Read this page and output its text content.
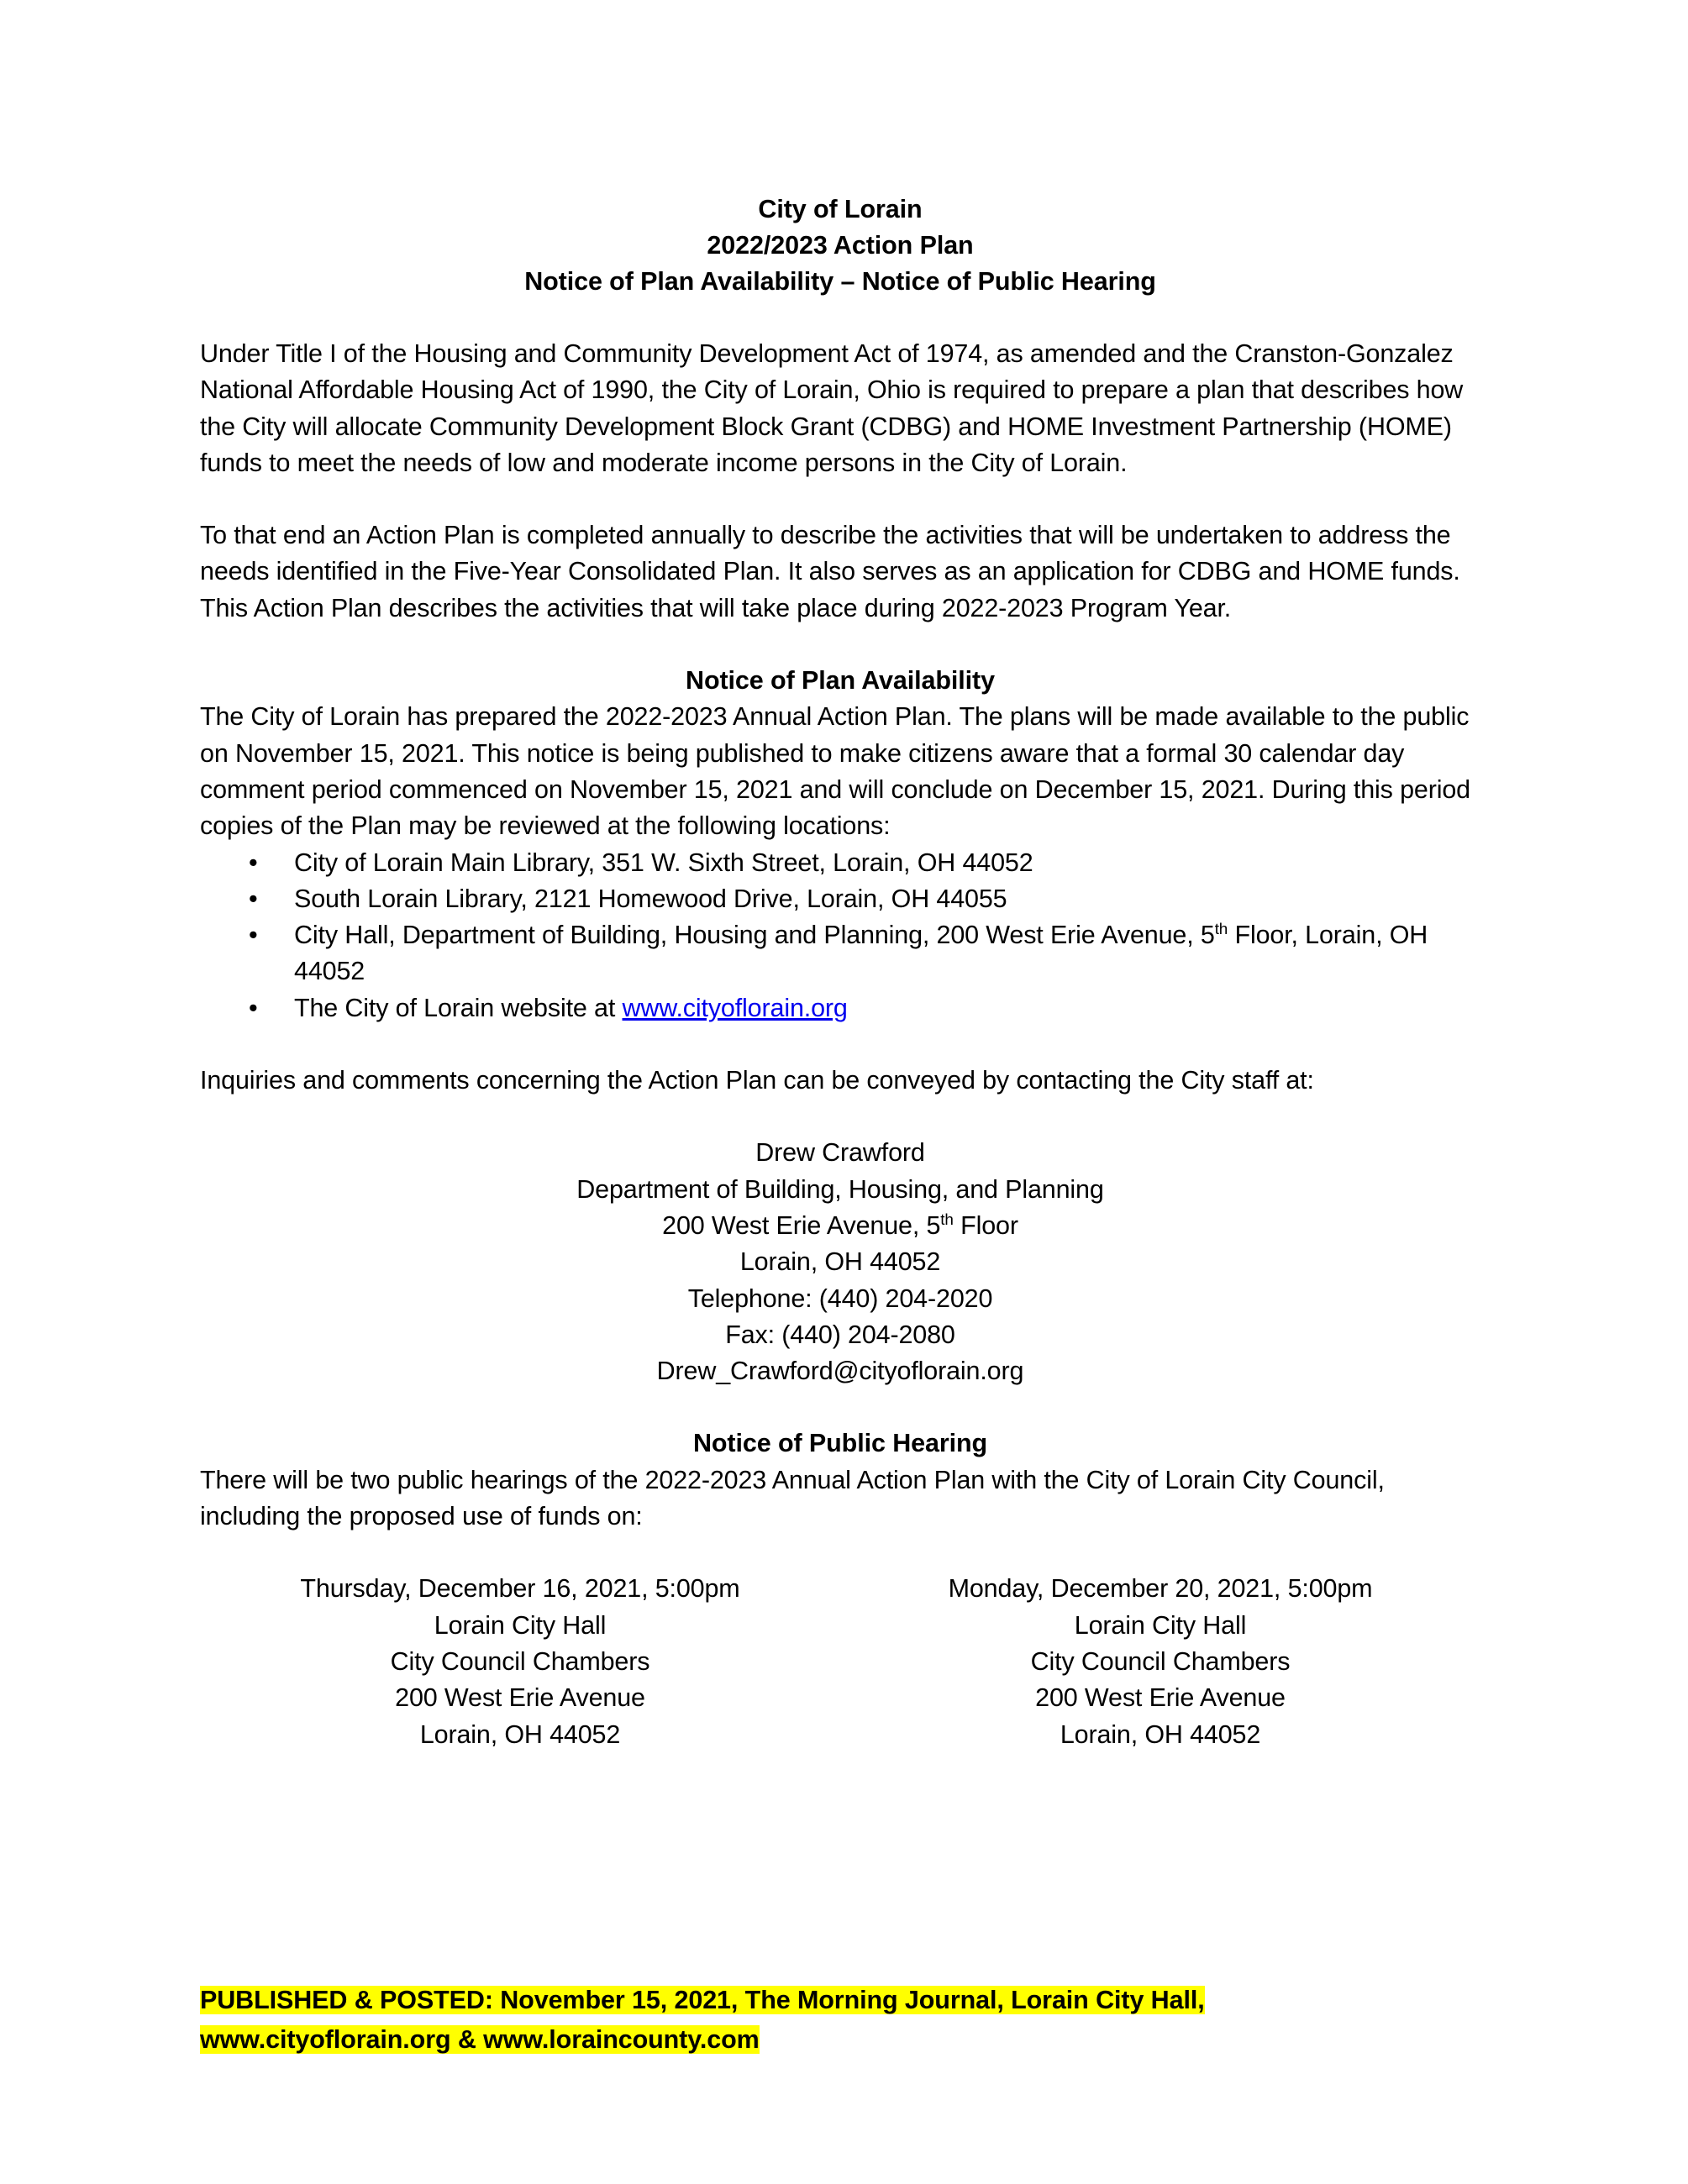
City of Lorain
2022/2023 Action Plan
Notice of Plan Availability – Notice of Public Hearing

Under Title I of the Housing and Community Development Act of 1974, as amended and the Cranston-Gonzalez National Affordable Housing Act of 1990, the City of Lorain, Ohio is required to prepare a plan that describes how the City will allocate Community Development Block Grant (CDBG) and HOME Investment Partnership (HOME) funds to meet the needs of low and moderate income persons in the City of Lorain.

To that end an Action Plan is completed annually to describe the activities that will be undertaken to address the needs identified in the Five-Year Consolidated Plan. It also serves as an application for CDBG and HOME funds. This Action Plan describes the activities that will take place during 2022-2023 Program Year.

Notice of Plan Availability

The City of Lorain has prepared the 2022-2023 Annual Action Plan. The plans will be made available to the public on November 15, 2021. This notice is being published to make citizens aware that a formal 30 calendar day comment period commenced on November 15, 2021 and will conclude on December 15, 2021. During this period copies of the Plan may be reviewed at the following locations:

• City of Lorain Main Library, 351 W. Sixth Street, Lorain, OH 44052
• South Lorain Library, 2121 Homewood Drive, Lorain, OH 44055
• City Hall, Department of Building, Housing and Planning, 200 West Erie Avenue, 5th Floor, Lorain, OH 44052
• The City of Lorain website at www.cityoflorain.org

Inquiries and comments concerning the Action Plan can be conveyed by contacting the City staff at:

Drew Crawford
Department of Building, Housing, and Planning
200 West Erie Avenue, 5th Floor
Lorain, OH 44052
Telephone: (440) 204-2020
Fax: (440) 204-2080
Drew_Crawford@cityoflorain.org
Notice of Public Hearing

There will be two public hearings of the 2022-2023 Annual Action Plan with the City of Lorain City Council, including the proposed use of funds on:

Thursday, December 16, 2021, 5:00pm
Lorain City Hall
City Council Chambers
200 West Erie Avenue
Lorain, OH 44052
Monday, December 20, 2021, 5:00pm
Lorain City Hall
City Council Chambers
200 West Erie Avenue
Lorain, OH 44052
PUBLISHED & POSTED: November 15, 2021, The Morning Journal, Lorain City Hall,
www.cityoflorain.org & www.loraincounty.com
